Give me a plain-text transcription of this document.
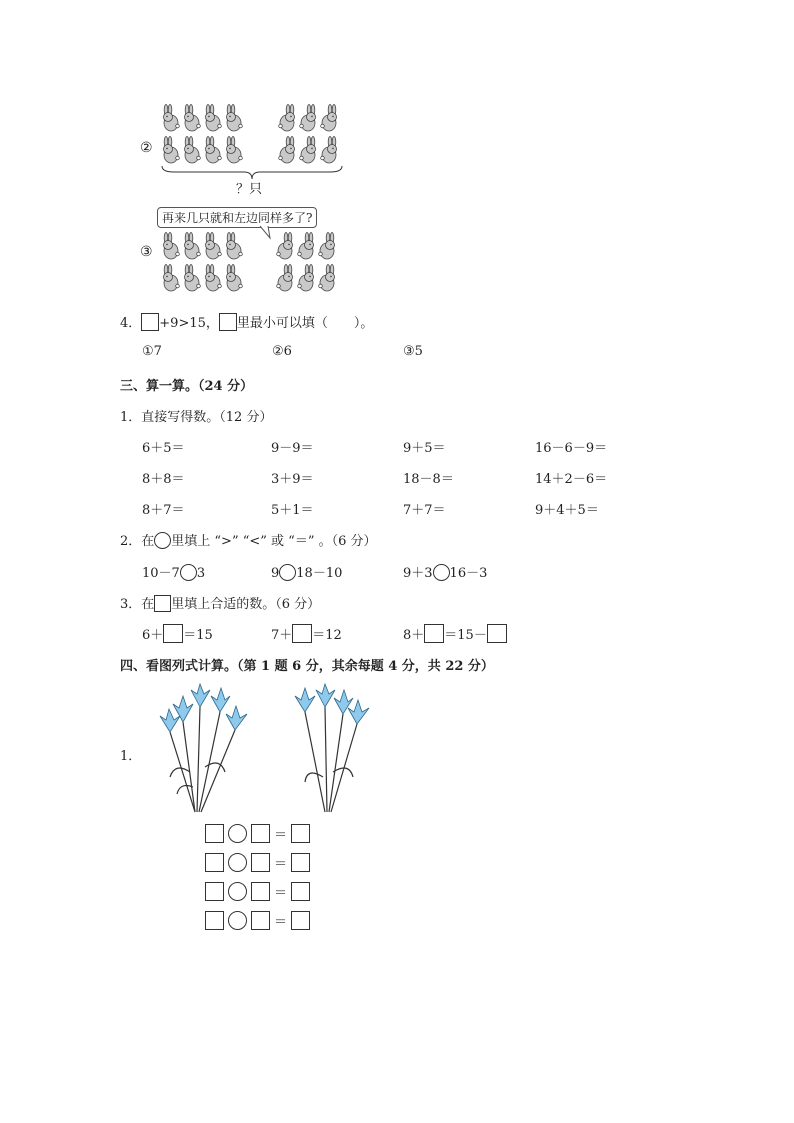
②
？只
再来几只就和左边同样多了?
③
4． +9>15， 里最小可以填（　　）。
①7	②6	③5
三、算一算。（24 分）
1．直接写得数。（12 分）
6＋5＝	9－9＝	9＋5＝	16－6－9＝
8＋8＝	3＋9＝	18－8＝	14＋2－6＝
8＋7＝	5＋1＝	7＋7＝	9＋4＋5＝
2．在 里填上 “>” “<” 或 “＝” 。（6 分）
10－7 3	9 18－10	9＋3 16－3
3．在 里填上合适的数。（6 分）
6＋ ＝15	7＋ ＝12	8＋ ＝15－
四、看图列式计算。（第 1 题 6 分，其余每题 4 分，共 22 分）
1．
＝
＝
＝
＝
